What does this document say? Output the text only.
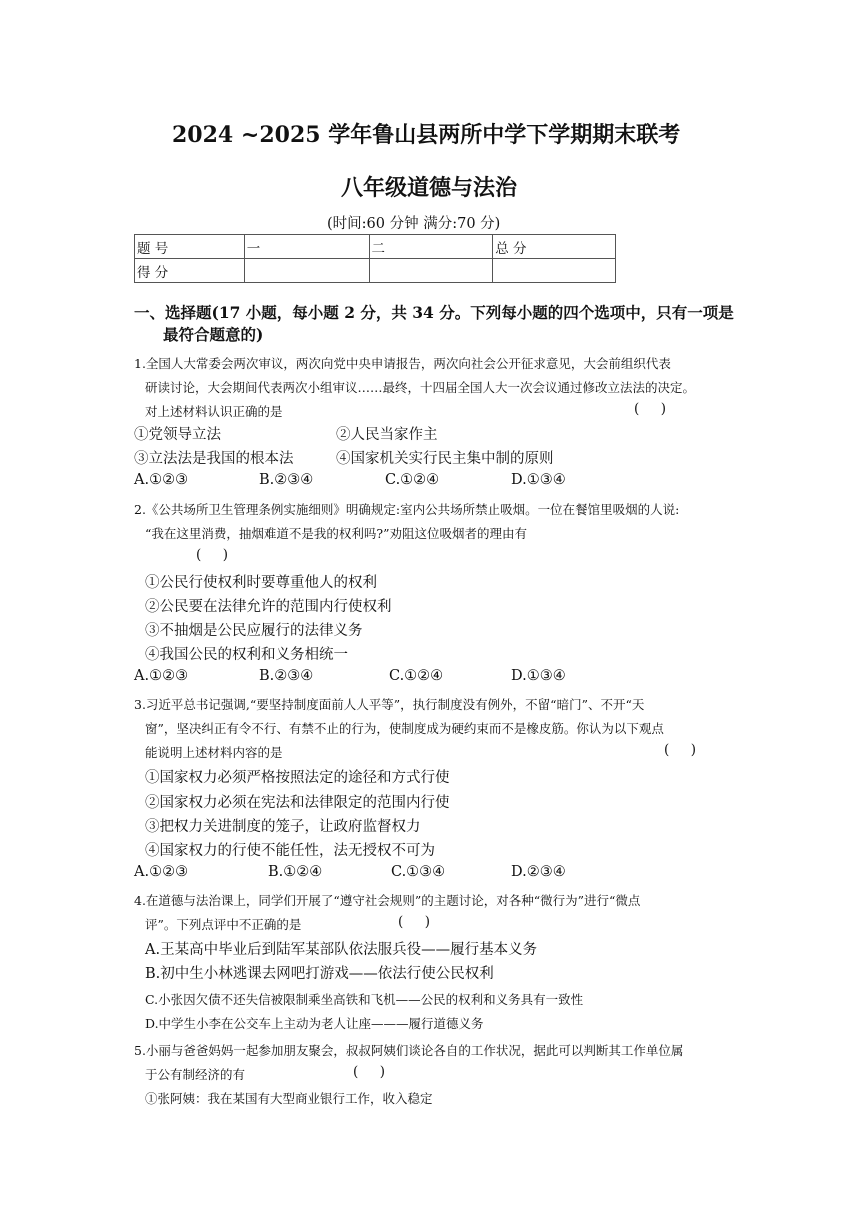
2024 ~2025 学年鲁山县两所中学下学期期末联考
八年级道德与法治
(时间:60 分钟 满分:70 分)
题 号	一	二	总 分
得 分			
一、选择题(17 小题，每小题 2 分，共 34 分。下列每小题的四个选项中，只有一项是
最符合题意的)
1.全国人大常委会两次审议，两次向党中央申请报告，两次向社会公开征求意见，大会前组织代表
研读讨论，大会期间代表两次小组审议……最终，十四届全国人大一次会议通过修改立法法的决定。
对上述材料认识正确的是	(     )
①党领导立法	②人民当家作主
③立法法是我国的根本法	④国家机关实行民主集中制的原则
A.①②③	B.②③④	C.①②④	D.①③④
2.《公共场所卫生管理条例实施细则》明确规定:室内公共场所禁止吸烟。一位在餐馆里吸烟的人说:
“我在这里消费，抽烟难道不是我的权利吗?”劝阻这位吸烟者的理由有
(     )
①公民行使权利时要尊重他人的权利
②公民要在法律允许的范围内行使权利
③不抽烟是公民应履行的法律义务
④我国公民的权利和义务相统一
A.①②③	B.②③④	C.①②④	D.①③④
3.习近平总书记强调,“要坚持制度面前人人平等”，执行制度没有例外，不留“暗门”、不开“天
窗”，坚决纠正有令不行、有禁不止的行为，使制度成为硬约束而不是橡皮筋。你认为以下观点
能说明上述材料内容的是	(     )
①国家权力必须严格按照法定的途径和方式行使
②国家权力必须在宪法和法律限定的范围内行使
③把权力关进制度的笼子，让政府监督权力
④国家权力的行使不能任性，法无授权不可为
A.①②③	B.①②④	C.①③④	D.②③④
4.在道德与法治课上，同学们开展了“遵守社会规则”的主题讨论，对各种“微行为”进行“微点
评”。下列点评中不正确的是	(     )
A.王某高中毕业后到陆军某部队依法服兵役——履行基本义务
B.初中生小林逃课去网吧打游戏——依法行使公民权利
C.小张因欠债不还失信被限制乘坐高铁和飞机——公民的权利和义务具有一致性
D.中学生小李在公交车上主动为老人让座———履行道德义务
5.小丽与爸爸妈妈一起参加朋友聚会，叔叔阿姨们谈论各自的工作状况，据此可以判断其工作单位属
于公有制经济的有	(     )
①张阿姨：我在某国有大型商业银行工作，收入稳定
